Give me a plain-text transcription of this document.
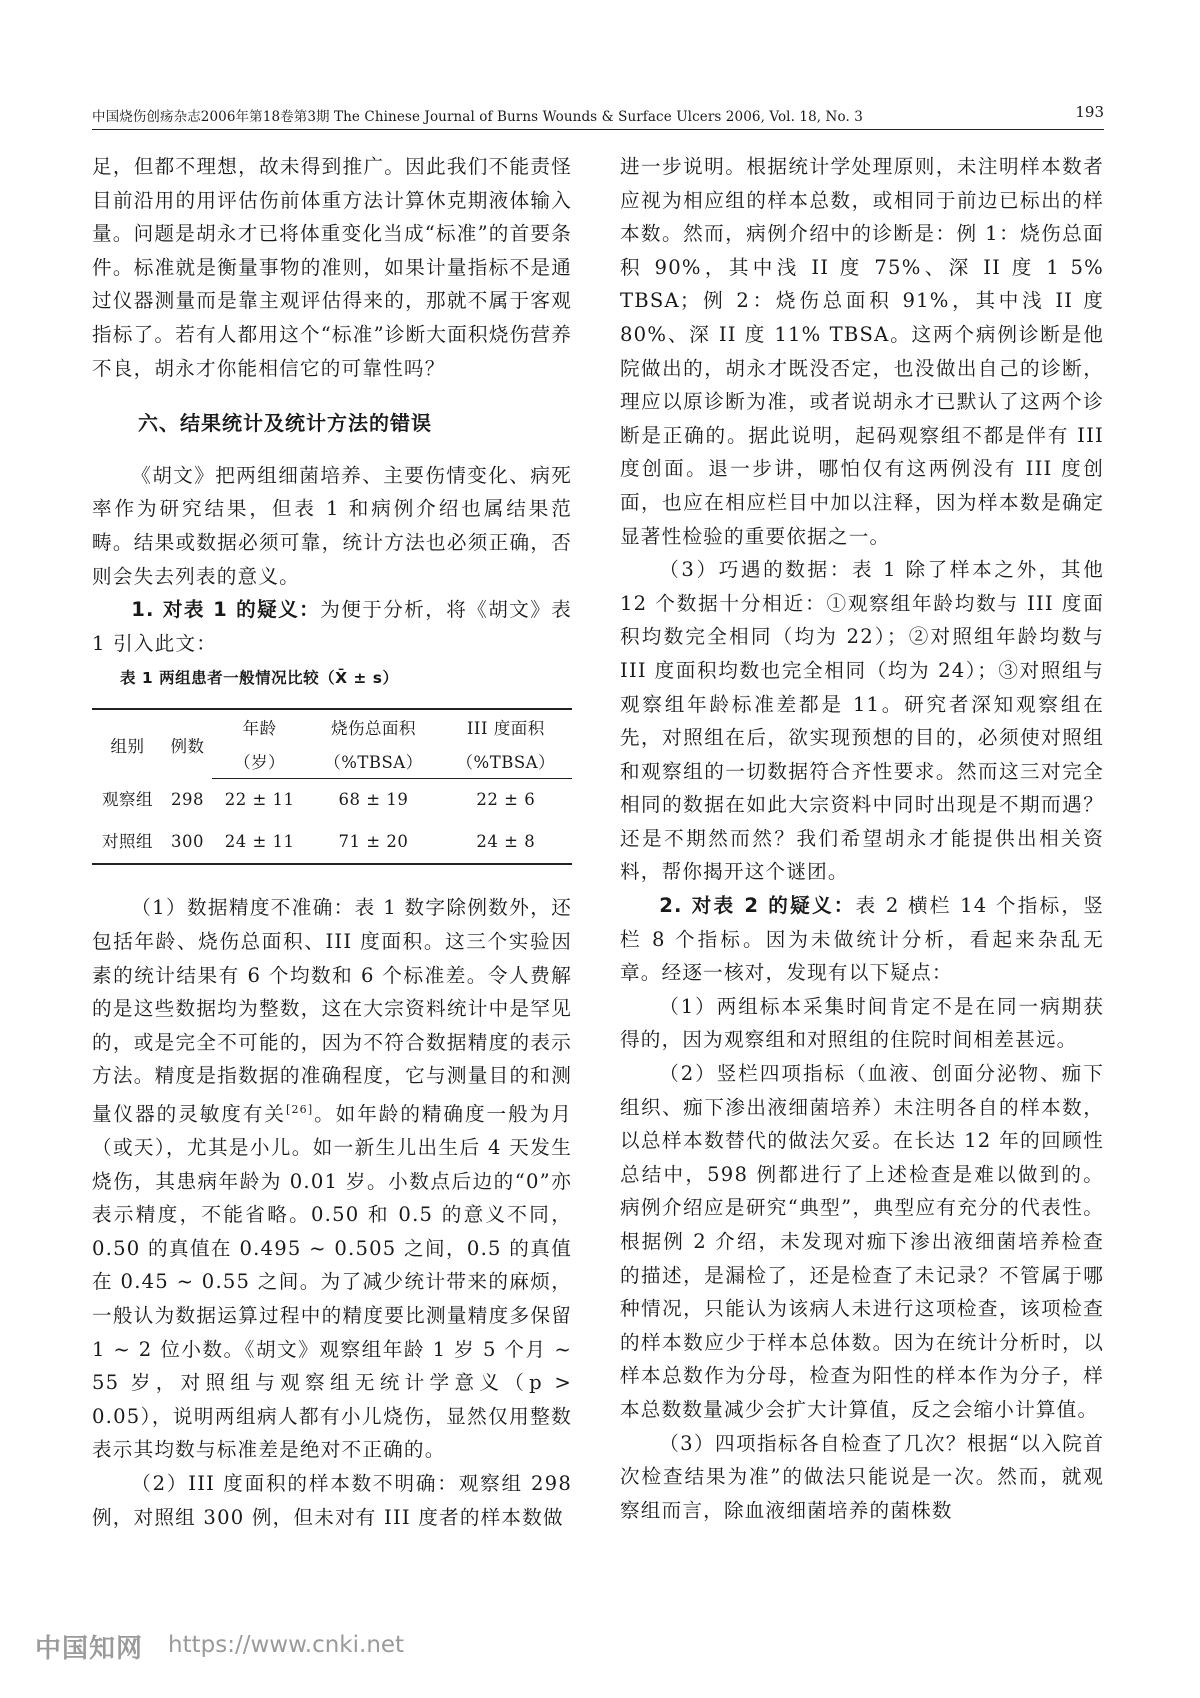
中国烧伤创疡杂志2006年第18卷第3期 The Chinese Journal of Burns Wounds & Surface Ulcers 2006, Vol. 18, No. 3	193

足，但都不理想，故未得到推广。因此我们不能责怪目前沿用的用评估伤前体重方法计算休克期液体输入量。问题是胡永才已将体重变化当成“标准”的首要条件。标准就是衡量事物的准则，如果计量指标不是通过仪器测量而是靠主观评估得来的，那就不属于客观指标了。若有人都用这个“标准”诊断大面积烧伤营养不良，胡永才你能相信它的可靠性吗？

六、结果统计及统计方法的错误

《胡文》把两组细菌培养、主要伤情变化、病死率作为研究结果，但表 1 和病例介绍也属结果范畴。结果或数据必须可靠，统计方法也必须正确，否则会失去列表的意义。

1. 对表 1 的疑义：为便于分析，将《胡文》表 1 引入此文：

表 1 两组患者一般情况比较（X̄ ± s）

组别	例数	年龄	烧伤总面积	III 度面积
		（岁）	（%TBSA）	（%TBSA）
观察组	298	22 ± 11	68 ± 19	22 ± 6
对照组	300	24 ± 11	71 ± 20	24 ± 8

（1）数据精度不准确：表 1 数字除例数外，还包括年龄、烧伤总面积、III 度面积。这三个实验因素的统计结果有 6 个均数和 6 个标准差。令人费解的是这些数据均为整数，这在大宗资料统计中是罕见的，或是完全不可能的，因为不符合数据精度的表示方法。精度是指数据的准确程度，它与测量目的和测量仪器的灵敏度有关[26]。如年龄的精确度一般为月（或天），尤其是小儿。如一新生儿出生后 4 天发生烧伤，其患病年龄为 0.01 岁。小数点后边的“0”亦表示精度，不能省略。0.50 和 0.5 的意义不同，0.50 的真值在 0.495 ~ 0.505 之间，0.5 的真值在 0.45 ~ 0.55 之间。为了减少统计带来的麻烦，一般认为数据运算过程中的精度要比测量精度多保留 1 ~ 2 位小数。《胡文》观察组年龄 1 岁 5 个月 ~ 55 岁，对照组与观察组无统计学意义（p > 0.05），说明两组病人都有小儿烧伤，显然仅用整数表示其均数与标准差是绝对不正确的。

（2）III 度面积的样本数不明确：观察组 298 例，对照组 300 例，但未对有 III 度者的样本数做

进一步说明。根据统计学处理原则，未注明样本数者应视为相应组的样本总数，或相同于前边已标出的样本数。然而，病例介绍中的诊断是：例 1：烧伤总面积 90%，其中浅 II 度 75%、深 II 度 1 5% TBSA；例 2：烧伤总面积 91%，其中浅 II 度 80%、深 II 度 11% TBSA。这两个病例诊断是他院做出的，胡永才既没否定，也没做出自己的诊断，理应以原诊断为准，或者说胡永才已默认了这两个诊断是正确的。据此说明，起码观察组不都是伴有 III 度创面。退一步讲，哪怕仅有这两例没有 III 度创面，也应在相应栏目中加以注释，因为样本数是确定显著性检验的重要依据之一。

（3）巧遇的数据：表 1 除了样本之外，其他 12 个数据十分相近：①观察组年龄均数与 III 度面积均数完全相同（均为 22）；②对照组年龄均数与 III 度面积均数也完全相同（均为 24）；③对照组与观察组年龄标准差都是 11。研究者深知观察组在先，对照组在后，欲实现预想的目的，必须使对照组和观察组的一切数据符合齐性要求。然而这三对完全相同的数据在如此大宗资料中同时出现是不期而遇？还是不期然而然？我们希望胡永才能提供出相关资料，帮你揭开这个谜团。

2. 对表 2 的疑义：表 2 横栏 14 个指标，竖栏 8 个指标。因为未做统计分析，看起来杂乱无章。经逐一核对，发现有以下疑点：

（1）两组标本采集时间肯定不是在同一病期获得的，因为观察组和对照组的住院时间相差甚远。

（2）竖栏四项指标（血液、创面分泌物、痂下组织、痂下渗出液细菌培养）未注明各自的样本数，以总样本数替代的做法欠妥。在长达 12 年的回顾性总结中，598 例都进行了上述检查是难以做到的。病例介绍应是研究“典型”，典型应有充分的代表性。根据例 2 介绍，未发现对痂下渗出液细菌培养检查的描述，是漏检了，还是检查了未记录？不管属于哪种情况，只能认为该病人未进行这项检查，该项检查的样本数应少于样本总体数。因为在统计分析时，以样本总数作为分母，检查为阳性的样本作为分子，样本总数数量减少会扩大计算值，反之会缩小计算值。

（3）四项指标各自检查了几次？根据“以入院首次检查结果为准”的做法只能说是一次。然而，就观察组而言，除血液细菌培养的菌株数

中国知网 https://www.cnki.net
